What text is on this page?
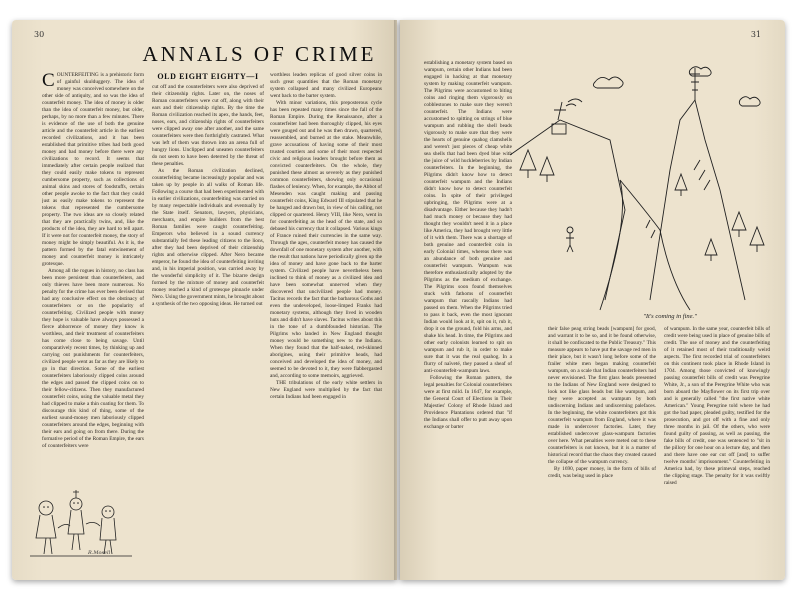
30
ANNALS OF CRIME

COUNTERFEITING is a prehistoric form of gainful skulduggery. The idea of money was conceived somewhere on the other side of antiquity, and so was the idea of counterfeit money. The idea of money is older than the idea of counterfeit money, but older, perhaps, by no more than a few minutes. There is evidence of the use of both the genuine article and the counterfeit article in the earliest recorded civilizations, and it has been established that primitive tribes had both good money and bad money before there were any civilizations to record. It seems that immediately after certain people realized that they could easily make tokens to represent cumbersome property, such as collections of animal skins and stores of foodstuffs, certain other people awoke to the fact that they could just as easily make tokens to represent the tokens that represented the cumbersome property. The two ideas are so closely related that they are practically twins, and, like the products of the idea, they are hard to tell apart. If it were not for counterfeit money, the story of money might be simply beautiful. As it is, the pattern formed by the fatal entwinement of money and counterfeit money is intricately grotesque.

Among all the rogues in history, no class has been more persistent than counterfeiters, and only thieves have been more numerous. No penalty for the crime has ever been devised that had any conclusive effect on the obstinacy of counterfeiters or on the popularity of counterfeiting. Civilized people with money they hope is valuable have always possessed a fierce abhorrence of money they know is worthless, and their treatment of counterfeiters has come close to being savage. Until comparatively recent times, by thinking up and carrying out punishments for counterfeiters, civilized people went as far as they are likely to go in that direction. Some of the earliest counterfeiters laboriously clipped coins around the edges and passed the clipped coins on to their fellow-citizens. Then they manufactured counterfeit coins, using the valuable metal they had clipped to make a thin coating for them. To discourage this kind of thing, some of the earliest sound-money men laboriously clipped counterfeiters around the edges, beginning with their ears and going on from there. During the formative period of the Roman Empire, the ears of counterfeiters were

R.Mosell
OLD EIGHT EIGHTY—I

cut off and the counterfeiters were also deprived of their citizenship rights. Later on, the noses of Roman counterfeiters were cut off, along with their ears and their citizenship rights. By the time the Roman civilization reached its apex, the hands, feet, noses, ears, and citizenship rights of counterfeiters were clipped away one after another, and the same counterfeiters were then forthrightly castrated. What was left of them was thrown into an arena full of hungry lions. Unclipped and uneaten counterfeiters do not seem to have been deterred by the threat of these penalties.

As the Roman civilization declined, counterfeiting became increasingly popular and was taken up by people in all walks of Roman life. Following a course that had been experimented with in earlier civilizations, counterfeiting was carried on by many respectable individuals and eventually by the State itself. Senators, lawyers, physicians, merchants, and empire builders from the best Roman families were caught counterfeiting. Emperors who believed in a sound currency substantially fed these leading citizens to the lions, after they had been deprived of their citizenship rights and otherwise clipped. After Nero became emperor, he found the idea of counterfeiting inviting and, in his imperial position, was carried away by the wonderful simplicity of it. The bizarre design formed by the mixture of money and counterfeit money reached a kind of grotesque pinnacle under Nero. Using the government mints, he brought about a synthesis of the two opposing ideas. He turned out

worthless leaden replicas of good silver coins in such great quantities that the Roman monetary system collapsed and many civilized Europeans went back to the barter system.

With minor variations, this preposterous cycle has been repeated many times since the fall of the Roman Empire. During the Renaissance, after a counterfeiter had been thoroughly clipped, his eyes were gouged out and he was then drawn, quartered, reassembled, and burned at the stake. Meanwhile, grave accusations of having some of their most trusted courtiers and some of their most respected civic and religious leaders brought before them as convicted counterfeiters. On the whole, they punished these almost as severely as they punished common counterfeiters, showing only occasional flashes of leniency. When, for example, the Abbot of Mesenden was caught making and passing counterfeit coins, King Edward III stipulated that he be hanged and drawn but, in view of his calling, not clipped or quartered. Henry VIII, like Nero, went in for counterfeiting as the head of the state, and so debased his currency that it collapsed. Various kings of France ruined their currencies in the same way. Through the ages, counterfeit money has caused the downfall of one monetary system after another, with the result that nations have periodically given up the idea of money and have gone back to the barter system. Civilized people have nevertheless been inclined to think of money as a civilized idea and have been somewhat unnerved when they discovered that uncivilized people had money. Tacitus records the fact that the barbarous Goths and even the undeveloped, loose-limped Franks had monetary systems, although they lived in wooden huts and didn't have slaves. Tacitus writes about this in the tone of a dumbfounded historian. The Pilgrims who landed in New England thought money would be something new to the Indians. When they found that the half-naked, red-skinned aborigines, using their primitive heads, had conceived and developed the idea of money, and seemed to be devoted to it, they were flabbergasted and, according to some memoirs, aggrieved.

THE tribulations of the early white settlers in New England were multiplied by the fact that certain Indians had been engaged in

31

establishing a monetary system based on wampum, certain other Indians had been engaged in hacking at that monetary system by making counterfeit wampum. The Pilgrims were accustomed to biting coins and ringing them vigorously on cobblestones to make sure they weren't counterfeit. The Indians were accustomed to spitting on strings of blue wampum and rubbing the shell beads vigorously to make sure that they were the hearts of genuine quahog clamshells and weren't just pieces of cheap white sea shells that had been dyed blue with the juice of wild huckleberries by Indian counterfeiters. In the beginning, the Pilgrims didn't know how to detect counterfeit wampum and the Indians didn't know how to detect counterfeit coins. In spite of their privileged upbringing, the Pilgrims were at a disadvantage. Either because they hadn't had much money or because they had thought they wouldn't need it in a place like America, they had brought very little of it with them. There was a shortage of both genuine and counterfeit coin in early Colonial times, whereas there was an abundance of both genuine and counterfeit wampum. Wampum was therefore enthusiastically adopted by the Pilgrims as the medium of exchange. The Pilgrims soon found themselves stuck with fathoms of counterfeit wampum that rascally Indians had passed on them. When the Pilgrims tried to pass it back, even the most ignorant Indian would look at it, spit on it, rub it, drop it on the ground, fold his arms, and shake his head. In time, the Pilgrims and other early colonists learned to spit on wampum and rub it, in order to make sure that it was the real quahog. In a flurry of naïveté, they passed a sheaf of anti-counterfeit-wampum laws.

Following the Roman pattern, the legal penalties for Colonial counterfeiters were at first mild. In 1647, for example, the General Court of Elections in Their Majesties' Colony of Rhode Island and Providence Plantations ordered that "if the Indians shall offer to putt away upon exchange or barter

"It's coming in fine."

their false peag string beads [wampum] for good, and warrant it to be so, and it be found otherwise, it shall be confiscated to the Public Treasury." This measure appears to have put the savage red men in their place, but it wasn't long before some of the frailer white men began making counterfeit wampum, on a scale that Indian counterfeiters had never envisioned. The first glass beads presented to the Indians of New England were designed to look not like glass beads but like wampum, and they were accepted as wampum by both undiscerning Indians and undiscerning palefaces. In the beginning, the white counterfeiters got this counterfeit wampum from England, where it was made in undercover factories. Later, they established undercover glass-wampum factories over here. What penalties were meted out to these counterfeiters is not known, but it is a matter of historical record that the chaos they created caused the collapse of the wampum currency.

By 1690, paper money, in the form of bills of credit, was being used in place

of wampum. In the same year, counterfeit bills of credit were being used in place of genuine bills of credit. The use of money and the counterfeiting of it retained most of their traditionally weird aspects. The first recorded trial of counterfeiters on this continent took place in Rhode Island in 1704. Among those convicted of knowingly passing counterfeit bills of credit was Peregrine White, Jr., a son of the Peregrine White who was born aboard the Mayflower on its first trip over and is generally called "the first native white American." Young Peregrine told where he had got the bad paper, pleaded guilty, testified for the prosecution, and got off with a fine and only three months in jail. Of the others, who were found guilty of passing, as well as passing, the fake bills of credit, one was sentenced to "sit in the pillory for one hour on a lecture day, and then and there have one ear cut off [and] to suffer twelve months' imprisonment." Counterfeiting in America had, by these primeval steps, reached the clipping stage. The penalty for it was swiftly raised
